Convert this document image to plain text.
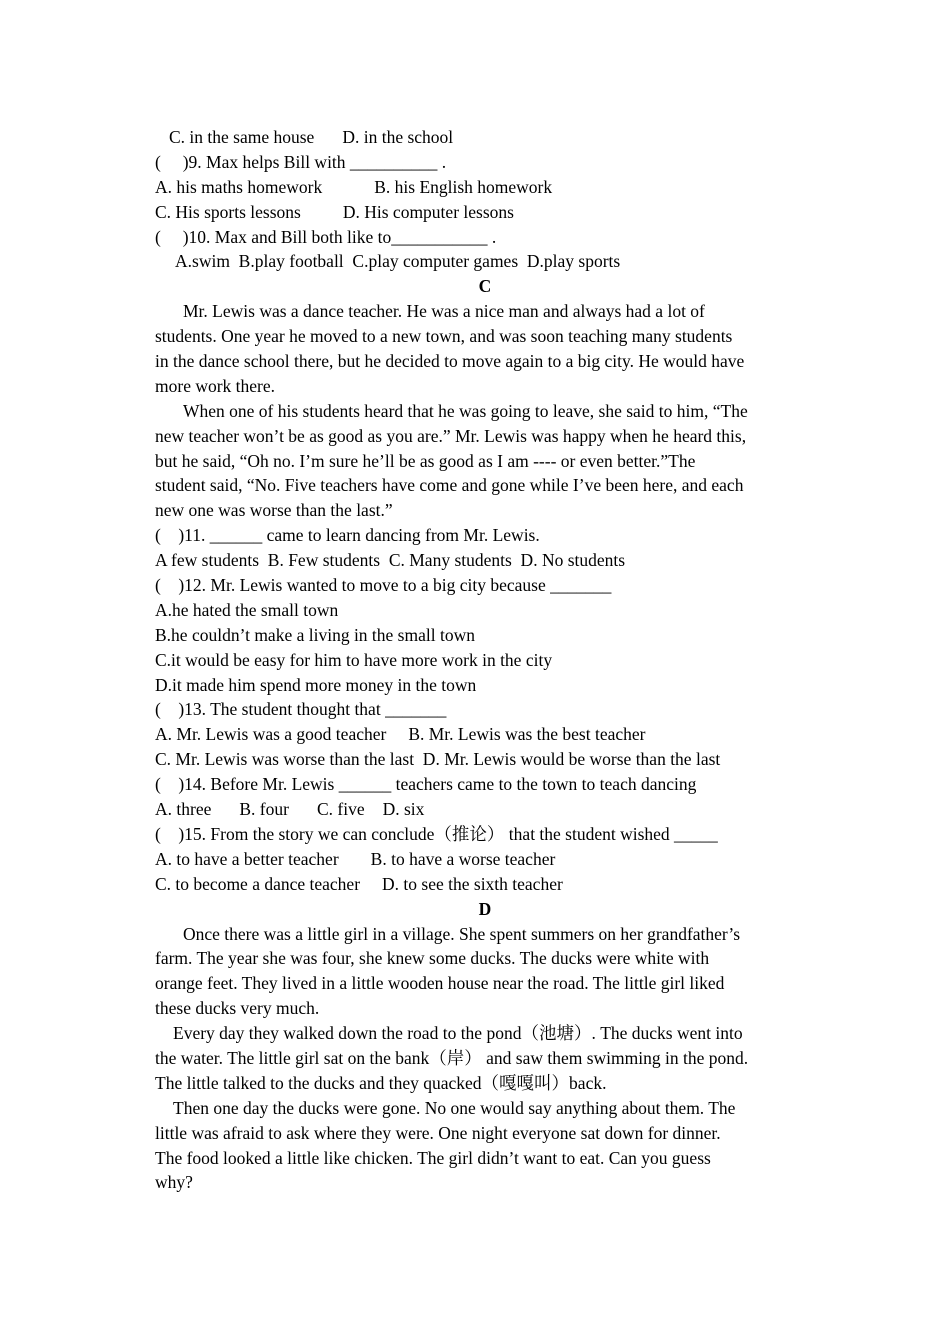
C. in the same house D. in the school
(     )9. Max helps Bill with __________ .
A. his maths homework	B. his English homework
C. His sports lessons D. His computer lessons
(     )10. Max and Bill both like to___________ .
A.swim  B.play football  C.play computer games  D.play sports
C
Mr. Lewis was a dance teacher. He was a nice man and always had a lot of
students. One year he moved to a new town, and was soon teaching many students
in the dance school there, but he decided to move again to a big city. He would have
more work there.
When one of his students heard that he was going to leave, she said to him, “The
new teacher won’t be as good as you are.” Mr. Lewis was happy when he heard this,
but he said, “Oh no. I’m sure he’ll be as good as I am ---- or even better.”The
student said, “No. Five teachers have come and gone while I’ve been here, and each
new one was worse than the last.”
(    )11. ______ came to learn dancing from Mr. Lewis.
A few students  B. Few students  C. Many students  D. No students
(    )12. Mr. Lewis wanted to move to a big city because _______
A.he hated the small town
B.he couldn’t make a living in the small town
C.it would be easy for him to have more work in the city
D.it made him spend more money in the town
(    )13. The student thought that _______
A. Mr. Lewis was a good teacher B. Mr. Lewis was the best teacher
C. Mr. Lewis was worse than the last  D. Mr. Lewis would be worse than the last
(    )14. Before Mr. Lewis ______ teachers came to the town to teach dancing
A. three B. four C. five D. six
(    )15. From the story we can conclude（推论） that the student wished _____
A. to have a better teacher B. to have a worse teacher
C. to become a dance teacher D. to see the sixth teacher
D
Once there was a little girl in a village. She spent summers on her grandfather’s
farm. The year she was four, she knew some ducks. The ducks were white with
orange feet. They lived in a little wooden house near the road. The little girl liked
these ducks very much.
Every day they walked down the road to the pond（池塘）. The ducks went into
the water. The little girl sat on the bank（岸） and saw them swimming in the pond.
The little talked to the ducks and they quacked（嘎嘎叫）back.
Then one day the ducks were gone. No one would say anything about them. The
little was afraid to ask where they were. One night everyone sat down for dinner.
The food looked a little like chicken. The girl didn’t want to eat. Can you guess
why?
